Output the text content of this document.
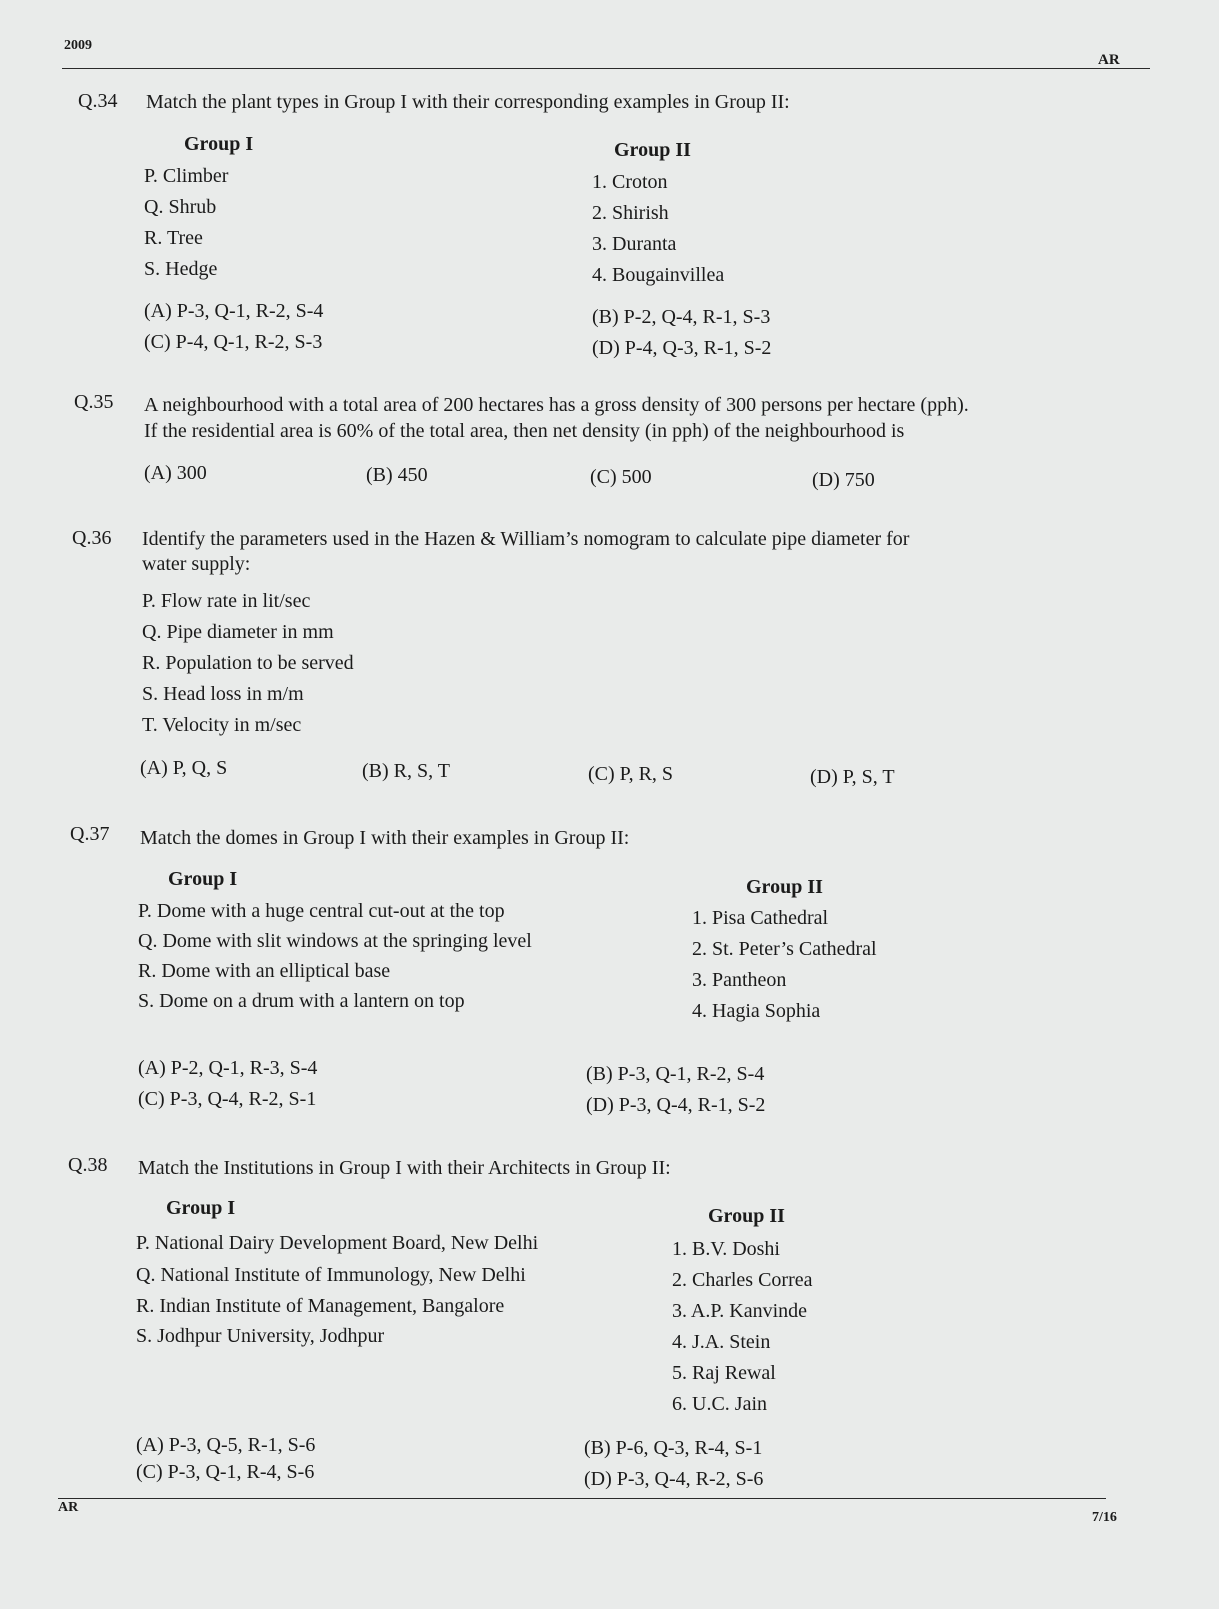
2009
AR
Q.34 Match the plant types in Group I with their corresponding examples in Group II:
Group I	Group II
P. Climber
Q. Shrub
R. Tree
S. Hedge
1. Croton
2. Shirish
3. Duranta
4. Bougainvillea
(A) P-3, Q-1, R-2, S-4	(B) P-2, Q-4, R-1, S-3
(C) P-4, Q-1, R-2, S-3	(D) P-4, Q-3, R-1, S-2
Q.35 A neighbourhood with a total area of 200 hectares has a gross density of 300 persons per hectare (pph).
If the residential area is 60% of the total area, then net density (in pph) of the neighbourhood is
(A) 300	(B) 450	(C) 500	(D) 750
Q.36 Identify the parameters used in the Hazen & William’s nomogram to calculate pipe diameter for
water supply:
P. Flow rate in lit/sec
Q. Pipe diameter in mm
R. Population to be served
S. Head loss in m/m
T. Velocity in m/sec
(A) P, Q, S	(B) R, S, T	(C) P, R, S	(D) P, S, T
Q.37 Match the domes in Group I with their examples in Group II:
Group I	Group II
P. Dome with a huge central cut-out at the top
Q. Dome with slit windows at the springing level
R. Dome with an elliptical base
S. Dome on a drum with a lantern on top
1. Pisa Cathedral
2. St. Peter’s Cathedral
3. Pantheon
4. Hagia Sophia
(A) P-2, Q-1, R-3, S-4	(B) P-3, Q-1, R-2, S-4
(C) P-3, Q-4, R-2, S-1	(D) P-3, Q-4, R-1, S-2
Q.38 Match the Institutions in Group I with their Architects in Group II:
Group I	Group II
P. National Dairy Development Board, New Delhi
Q. National Institute of Immunology, New Delhi
R. Indian Institute of Management, Bangalore
S. Jodhpur University, Jodhpur
1. B.V. Doshi
2. Charles Correa
3. A.P. Kanvinde
4. J.A. Stein
5. Raj Rewal
6. U.C. Jain
(A) P-3, Q-5, R-1, S-6	(B) P-6, Q-3, R-4, S-1
(C) P-3, Q-1, R-4, S-6	(D) P-3, Q-4, R-2, S-6
AR
7/16
